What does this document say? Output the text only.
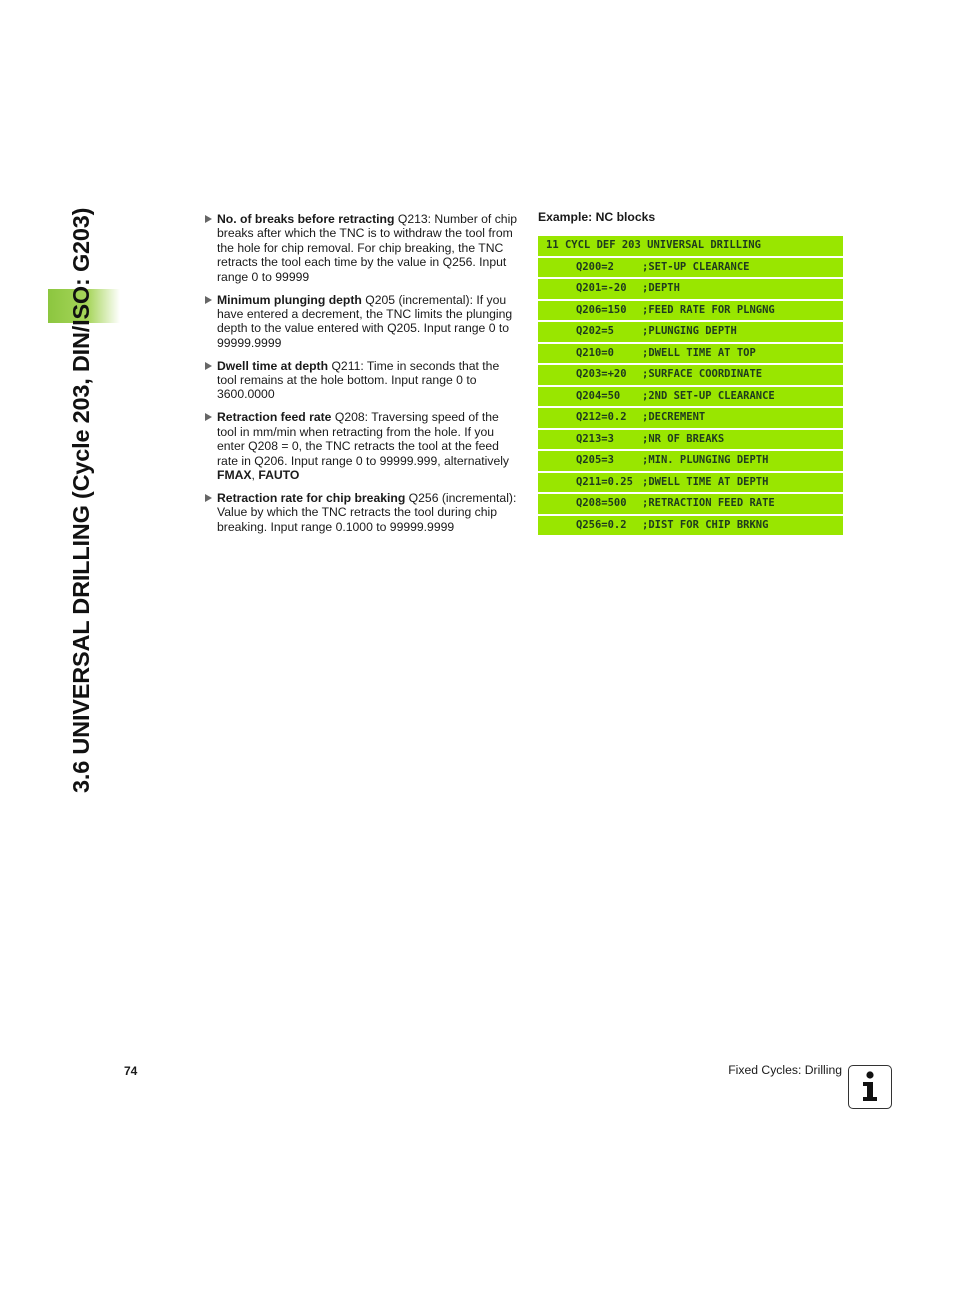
3.6 UNIVERSAL DRILLING (Cycle 203, DIN/ISO: G203)	No. of breaks before retracting Q213: Number of chip breaks after which the TNC is to withdraw the tool from the hole for chip removal. For chip breaking, the TNC retracts the tool each time by the value in Q256. Input range 0 to 99999
Minimum plunging depth Q205 (incremental): If you have entered a decrement, the TNC limits the plunging depth to the value entered with Q205. Input range 0 to 99999.9999
Dwell time at depth Q211: Time in seconds that the tool remains at the hole bottom. Input range 0 to 3600.0000
Retraction feed rate Q208: Traversing speed of the tool in mm/min when retracting from the hole. If you enter Q208 = 0, the TNC retracts the tool at the feed rate in Q206. Input range 0 to 99999.999, alternatively FMAX, FAUTO
Retraction rate for chip breaking Q256 (incremental): Value by which the TNC retracts the tool during chip breaking. Input range 0.1000 to 99999.9999
Example: NC blocks
11 CYCL DEF 203 UNIVERSAL DRILLING
Q200=2	;SET-UP CLEARANCE
Q201=-20 ;DEPTH
Q206=150 ;FEED RATE FOR PLNGNG
Q202=5	;PLUNGING DEPTH
Q210=0	;DWELL TIME AT TOP
Q203=+20 ;SURFACE COORDINATE
Q204=50 ;2ND SET-UP CLEARANCE
Q212=0.2 ;DECREMENT
Q213=3	;NR OF BREAKS
Q205=3	;MIN. PLUNGING DEPTH
Q211=0.25 ;DWELL TIME AT DEPTH
Q208=500 ;RETRACTION FEED RATE
Q256=0.2 ;DIST FOR CHIP BRKNG
74	Fixed Cycles: Drilling
